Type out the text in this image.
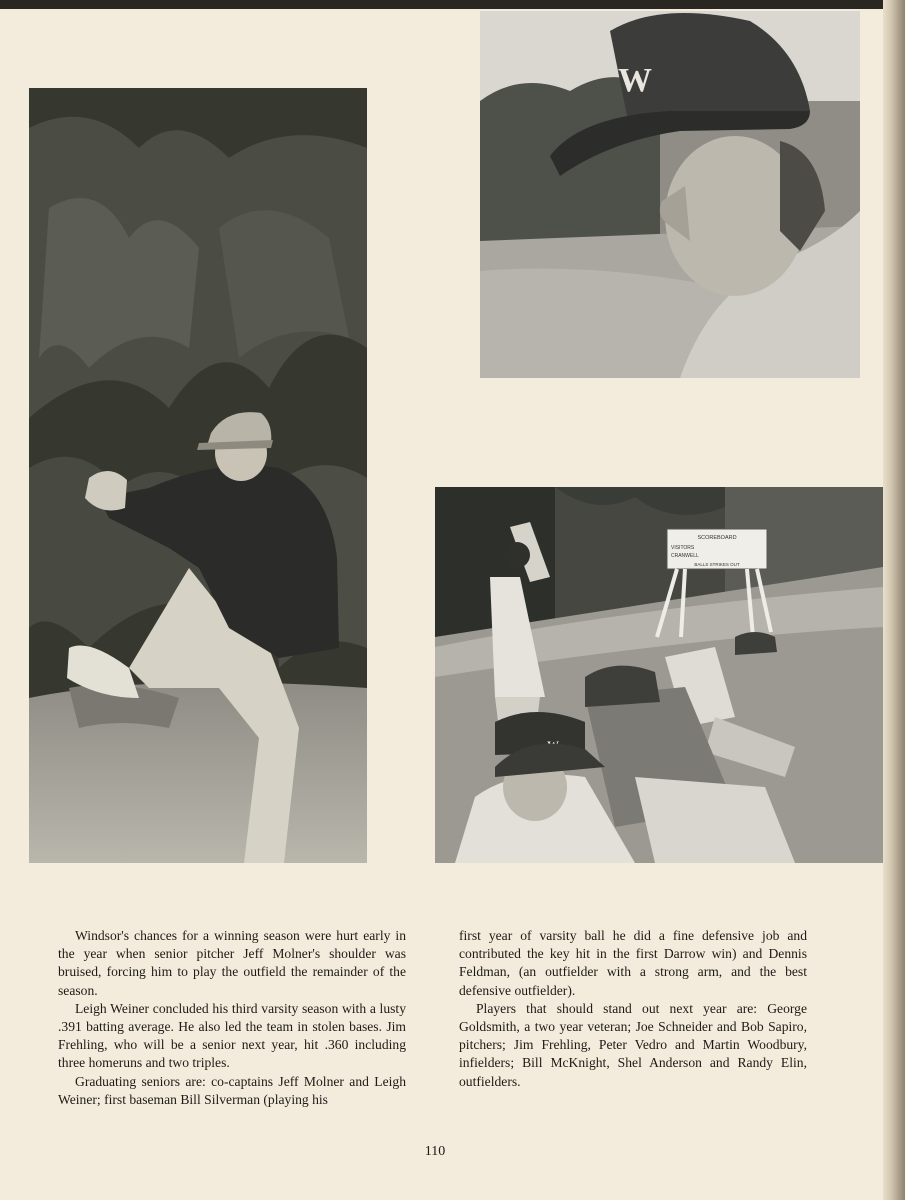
W
SCOREBOARD
VISITORS
CRANWELL
BALLS STRIKES OUT

Windsor's chances for a winning season were hurt early in the year when senior pitcher Jeff Molner's shoulder was bruised, forcing him to play the outfield the remainder of the season.

Leigh Weiner concluded his third varsity season with a lusty .391 batting average. He also led the team in stolen bases. Jim Frehling, who will be a senior next year, hit .360 including three homeruns and two triples.

Graduating seniors are: co-captains Jeff Molner and Leigh Weiner; first baseman Bill Silverman (playing his

first year of varsity ball he did a fine defensive job and contributed the key hit in the first Darrow win) and Dennis Feldman, (an outfielder with a strong arm, and the best defensive outfielder).

Players that should stand out next year are: George Goldsmith, a two year veteran; Joe Schneider and Bob Sapiro, pitchers; Jim Frehling, Peter Vedro and Martin Woodbury, infielders; Bill McKnight, Shel Anderson and Randy Elin, outfielders.

110
